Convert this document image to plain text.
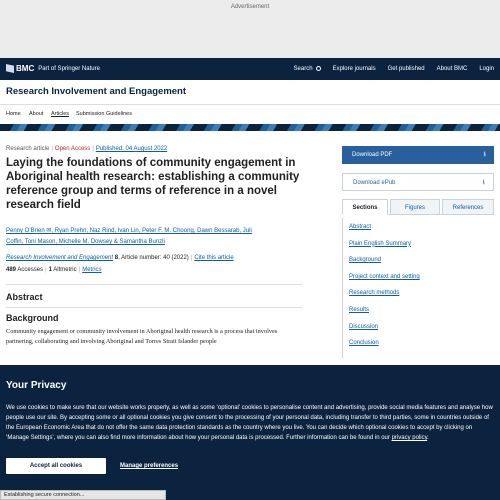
Advertisement
BMC Part of Springer Nature	Search	Explore journals Get published About BMC Login
Research Involvement and Engagement
Home About Articles Submission Guidelines
Research article | Open Access | Published: 04 August 2022
Laying the foundations of community engagement in Aboriginal health research: establishing a community reference group and terms of reference in a novel research field
Penny O’Brien ✉, Ryan Prehn, Naz Rind, Ivan Lin, Peter F. M. Choong, Dawn Bessarab, Juli
Coffin, Toni Mason, Michelle M. Dowsey & Samantha Bunzli
Research Involvement and Engagement 8, Article number: 40 (2022) | Cite this article
489 Accesses | 1 Altmetric | Metrics
Abstract
Background

Community engagement or community involvement in Aboriginal health research is a process that involves partnering, collaborating and involving Aboriginal and Torres Strait Islander people

Download PDF	⭳
Download ePub	⭳
Sections	Figures	References
Abstract
Plain English Summary
Background
Project context and setting
Research methods
Results
Discussion
Conclusion
Your Privacy

We use cookies to make sure that our website works properly, as well as some ‘optional’ cookies to personalise content and advertising, provide social media features and analyse how people use our site. By accepting some or all optional cookies you give consent to the processing of your personal data, including transfer to third parties, some in countries outside of the European Economic Area that do not offer the same data protection standards as the country where you live. You can decide which optional cookies to accept by clicking on ‘Manage Settings’, where you can also find more information about how your personal data is processed. Further information can be found in our privacy policy.

Accept all cookies	Manage preferences
Establishing secure connection...
